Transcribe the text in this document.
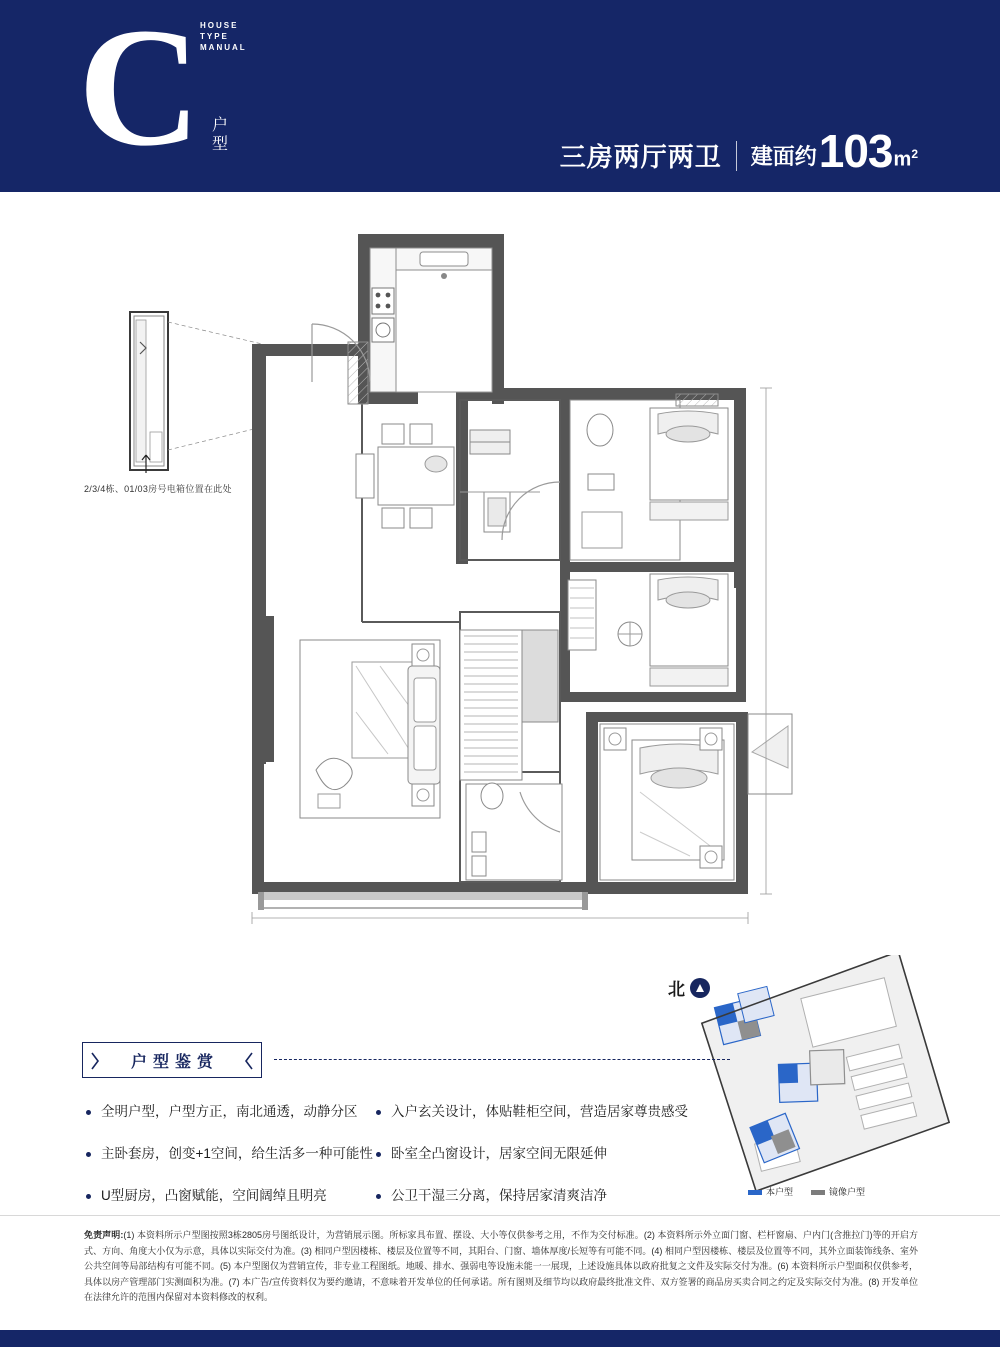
C HOUSE
TYPE
MANUAL
户型	三房两厅两卫 建面约 103 $m^2$
2/3/4栋、01/03房号电箱位置在此处
北
本户型	镜像户型
户型鉴赏
全明户型，户型方正，南北通透，动静分区 入户玄关设计，体贴鞋柜空间，营造居家尊贵感受
主卧套房，创变+1空间，给生活多一种可能性 卧室全凸窗设计，居家空间无限延伸
U型厨房，凸窗赋能，空间阔绰且明亮	公卫干湿三分离，保持居家清爽洁净
免责声明:(1) 本资料所示户型图按照3栋2805房号图纸设计，为营销展示图。所标家具布置、摆设、大小等仅供参考之用，不作为交付标准。(2) 本资料所示外立面门窗、栏杆窗扇、户内门(含推拉门)等的开启方式、方向、角度大小仅为示意，具体以实际交付为准。(3) 相同户型因楼栋、楼层及位置等不同，其阳台、门窗、墙体厚度/长短等有可能不同。(4) 相同户型因楼栋、楼层及位置等不同，其外立面装饰线条、室外公共空间等局部结构有可能不同。(5) 本户型图仅为营销宣传，非专业工程图纸。地暖、排水、强弱电等设施未能一一展现，上述设施具体以政府批复之文件及实际交付为准。(6) 本资料所示户型面积仅供参考，具体以房产管理部门实测面积为准。(7) 本广告/宣传资料仅为要约邀请，不意味着开发单位的任何承诺。所有图则及细节均以政府最终批准文件、双方签署的商品房买卖合同之约定及实际交付为准。(8) 开发单位在法律允许的范围内保留对本资料修改的权利。
